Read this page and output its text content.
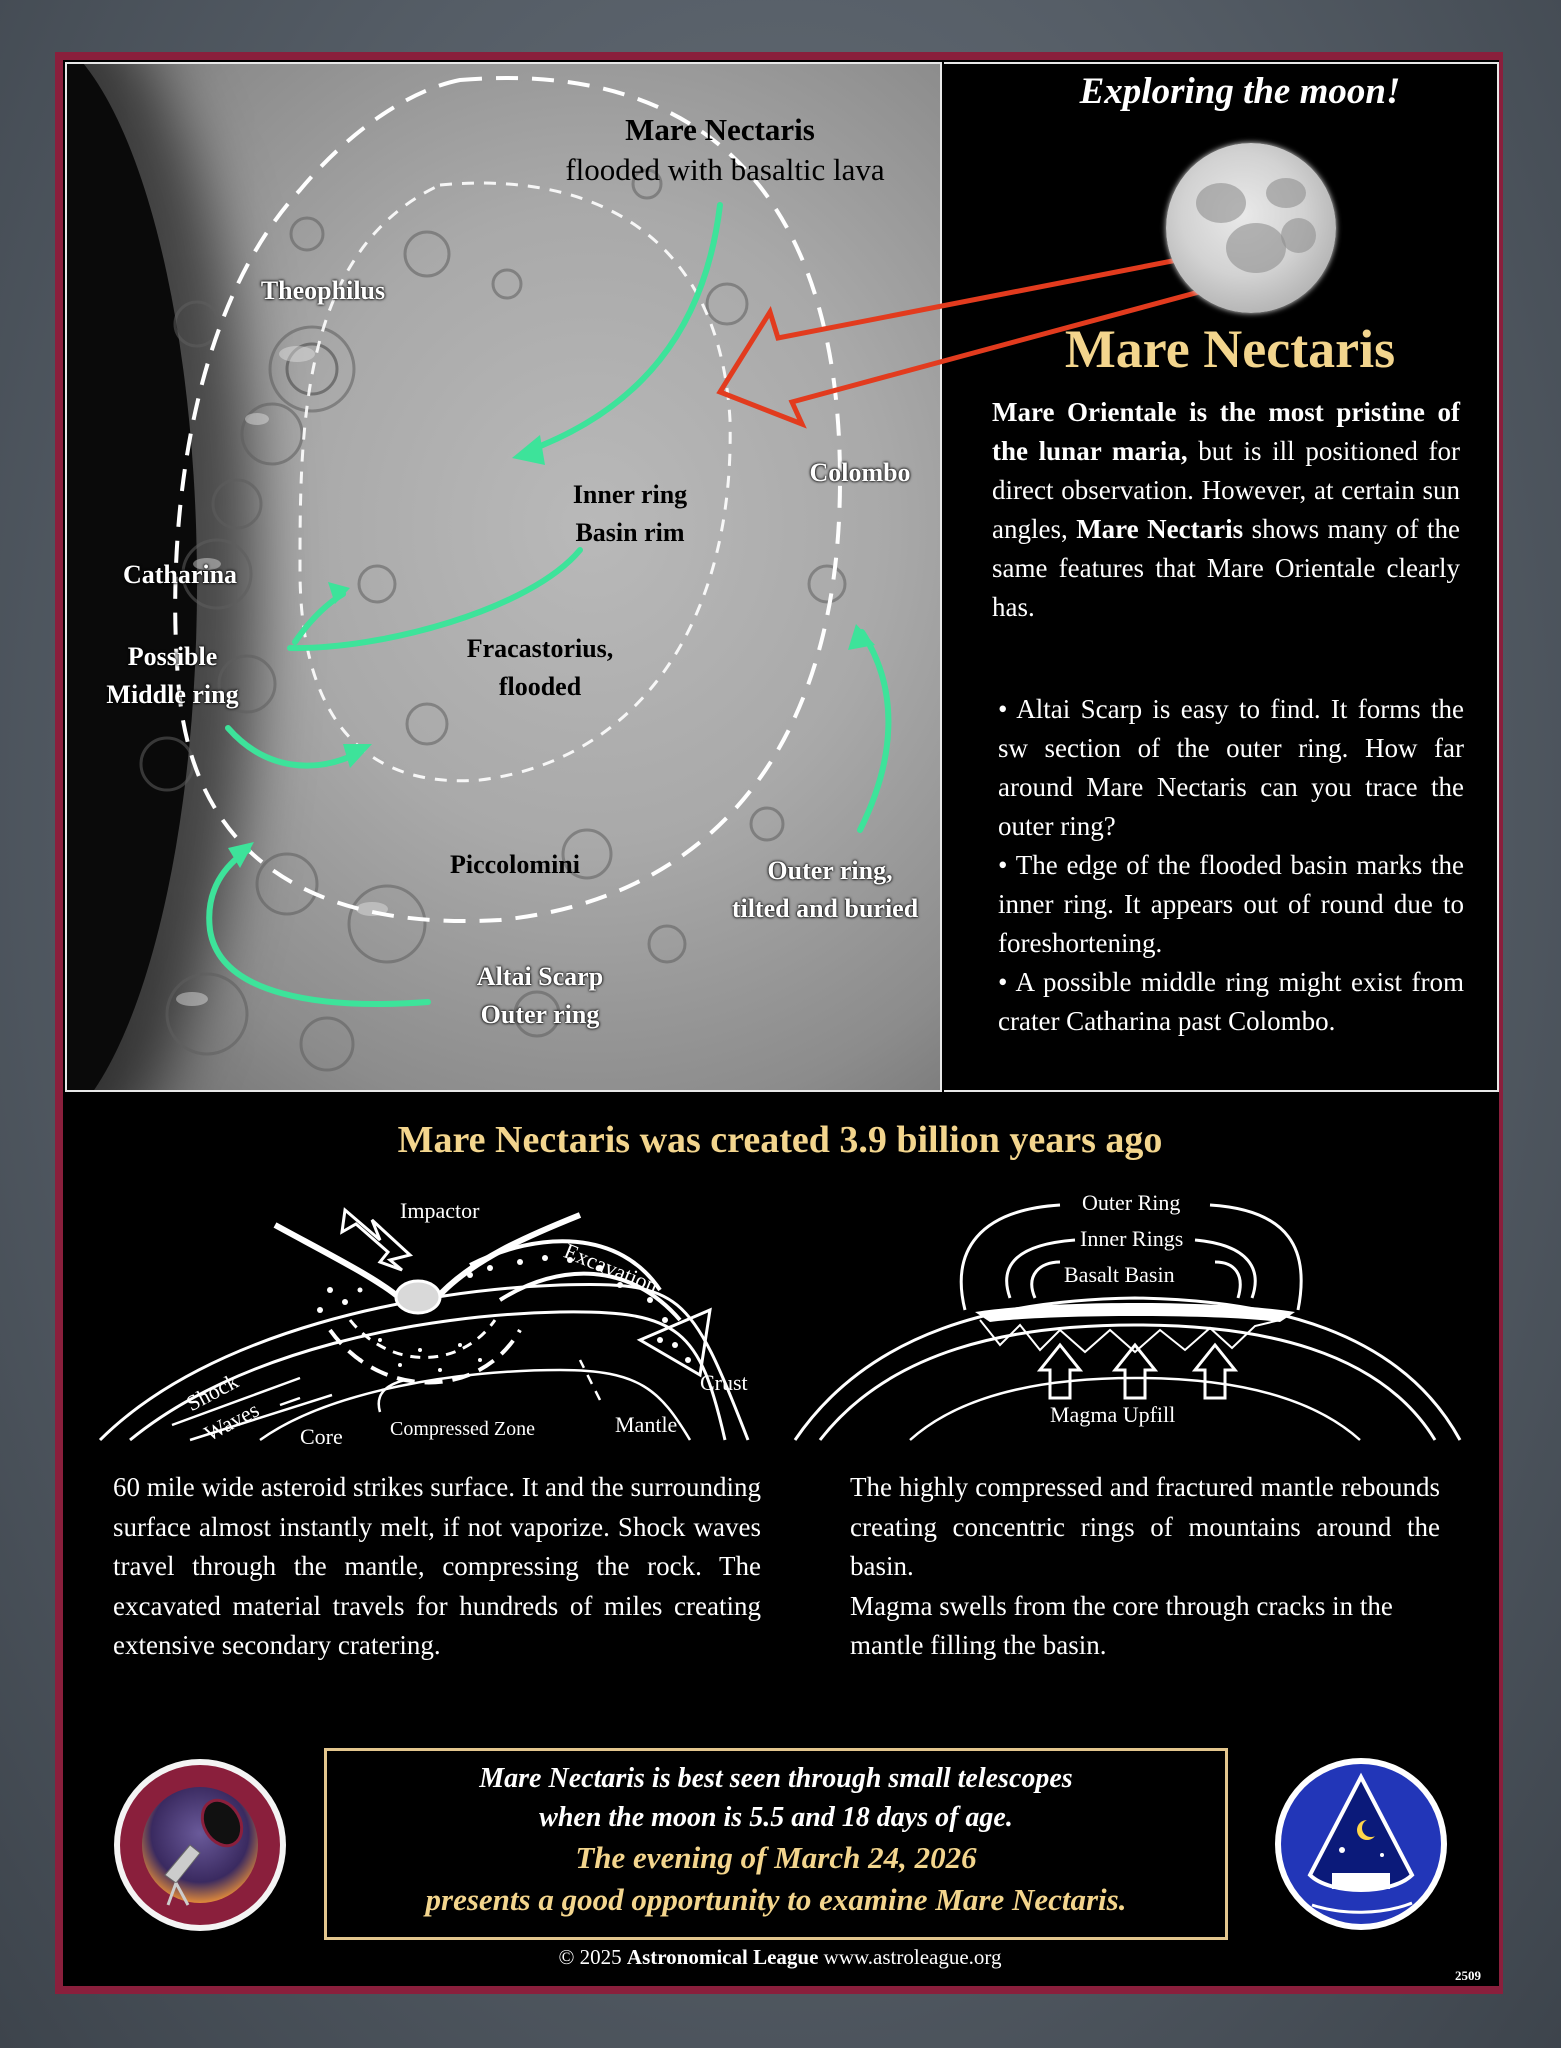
Mare Nectaris
flooded with basaltic lava
Theophilus
Colombo
Inner ring
Basin rim
Catharina
Possible
Middle ring
Fracastorius,
flooded
Piccolomini	Outer ring,
tilted and buried
Altai Scarp
Outer ring
Exploring the moon!
Mare Nectaris
Mare Orientale is the most pristine of the lunar maria, but is ill positioned for direct observation. However, at certain sun angles, Mare Nectaris shows many of the same features that Mare Orientale clearly has.

• Altai Scarp is easy to find. It forms the sw section of the outer ring. How far around Mare Nectaris can you trace the outer ring?

• The edge of the flooded basin marks the inner ring. It appears out of round due to foreshortening.

• A possible middle ring might exist from crater Catharina past Colombo.

Mare Nectaris was created 3.9 billion years ago
Impactor
Excavation
Crust
Shock
Waves Core Compressed Zone	Mantle
Outer Ring
Inner Rings
Basalt Basin
Magma Upfill
60 mile wide asteroid strikes surface. It and the surrounding surface almost instantly melt, if not vaporize. Shock waves travel through the mantle, compressing the rock. The excavated material travels for hundreds of miles creating extensive secondary cratering.

The highly compressed and fractured mantle rebounds creating concentric rings of mountains around the basin.

Magma swells from the core through cracks in the mantle filling the basin.

Mare Nectaris is best seen through small telescopes
when the moon is 5.5 and 18 days of age.
The evening of March 24, 2026
presents a good opportunity to examine Mare Nectaris.
© 2025 Astronomical League www.astroleague.org
2509
